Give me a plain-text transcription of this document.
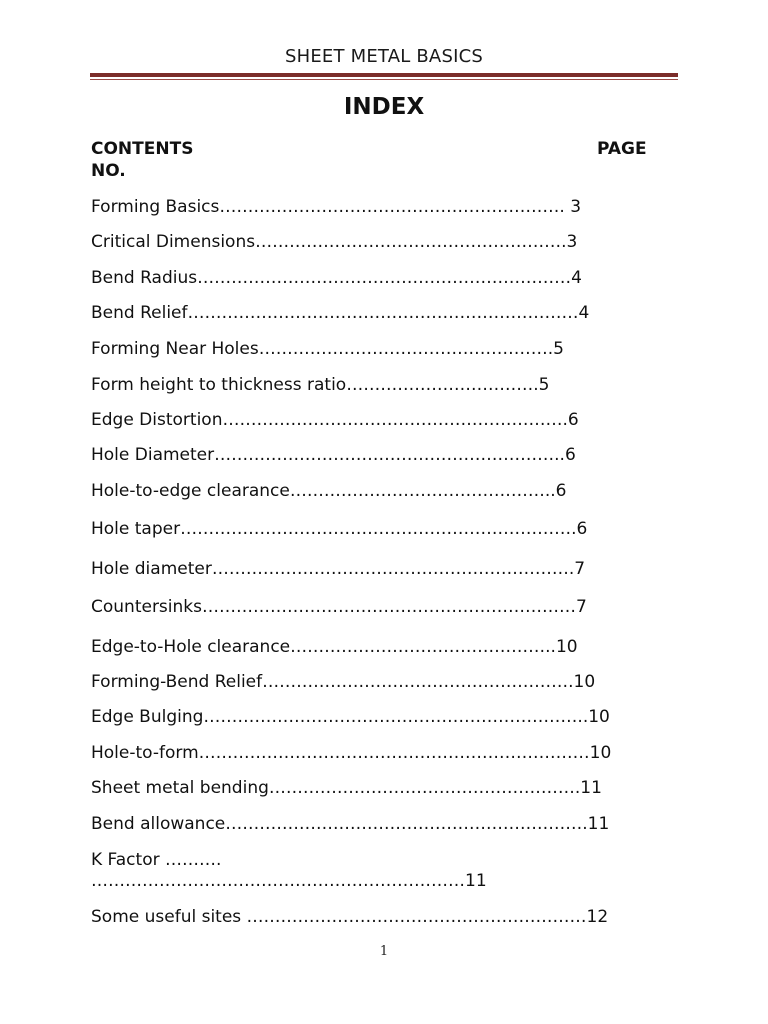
SHEET METAL BASICS
INDEX
CONTENTS	PAGE
NO.
Forming Basics……………………………………………………. 3
Critical Dimensions……………………………………………….3
Bend Radius…………………………………………………………4
Bend Relief……………………………………………………………4
Forming Near Holes…………………………………………….5
Form height to thickness ratio…………………………….5
Edge Distortion…………………………………………………….6
Hole Diameter……………………………………………………..6
Hole-to-edge clearance………………………………………..6
Hole taper…………………………………………………………….6
Hole diameter……………………………………………………….7
Countersinks…………………………………………………………7
Edge-to-Hole clearance………………………………………..10
Forming-Bend Relief……………………………………………….10
Edge Bulging…………………………………………………………..10
Hole-to-form……………………………………………………………10
Sheet metal bending……………………………………………….11
Bend allowance……………………………………………………….11
K Factor ……….
…………………………………………………………11
Some useful sites ……………………………………………………12
1
